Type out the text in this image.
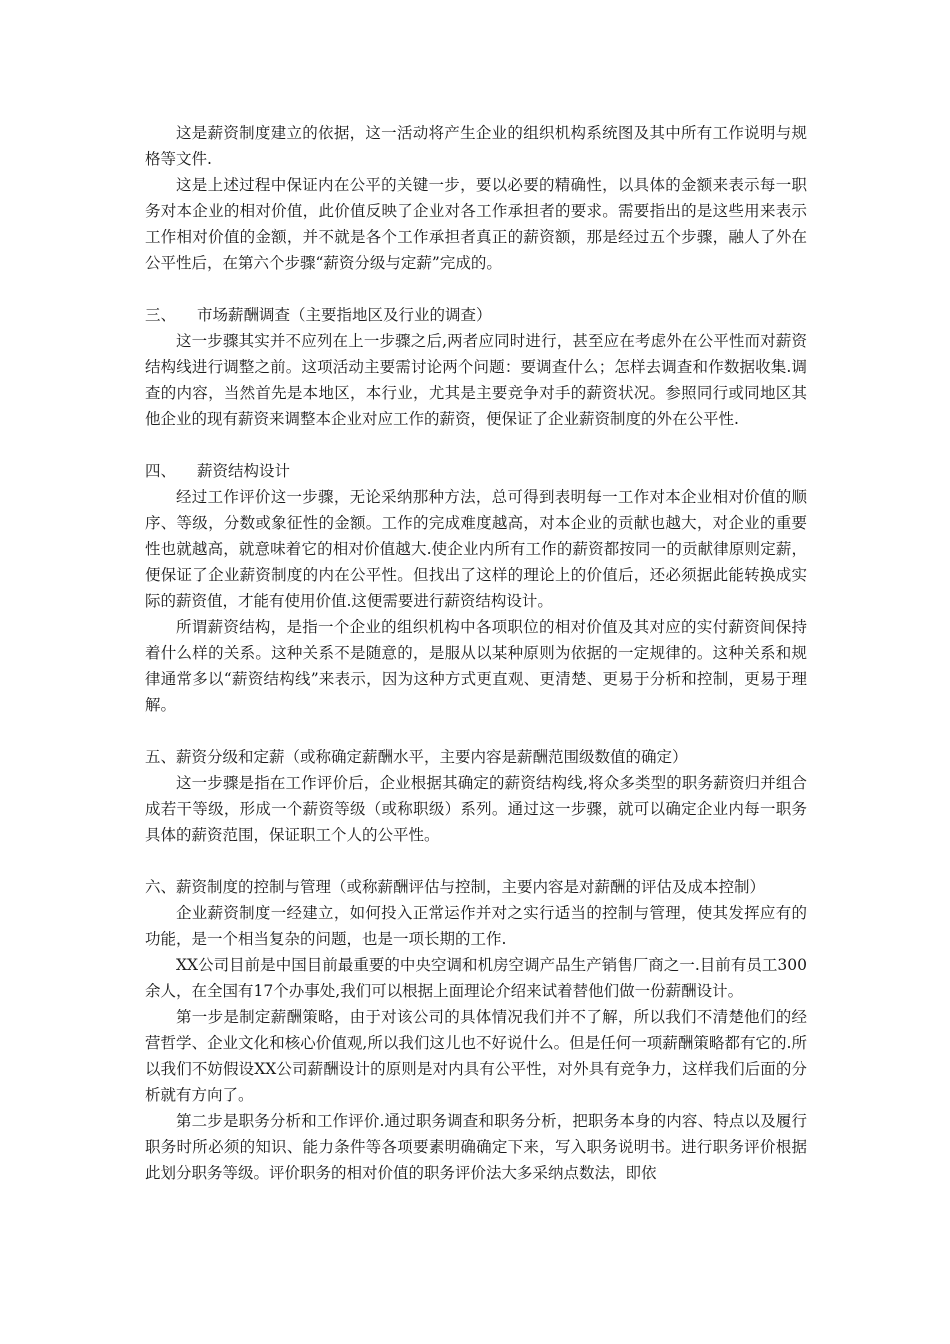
这是薪资制度建立的依据，这一活动将产生企业的组织机构系统图及其中所有工作说明与规格等文件.

这是上述过程中保证内在公平的关键一步，要以必要的精确性，以具体的金额来表示每一职务对本企业的相对价值，此价值反映了企业对各工作承担者的要求。需要指出的是这些用来表示工作相对价值的金额，并不就是各个工作承担者真正的薪资额，那是经过五个步骤，融人了外在公平性后，在第六个步骤“薪资分级与定薪”完成的。

三、 市场薪酬调查（主要指地区及行业的调查）

这一步骤其实并不应列在上一步骤之后,两者应同时进行，甚至应在考虑外在公平性而对薪资结构线进行调整之前。这项活动主要需讨论两个问题：要调查什么；怎样去调查和作数据收集.调查的内容，当然首先是本地区，本行业，尤其是主要竞争对手的薪资状况。参照同行或同地区其他企业的现有薪资来调整本企业对应工作的薪资，便保证了企业薪资制度的外在公平性.

四、 薪资结构设计

经过工作评价这一步骤，无论采纳那种方法，总可得到表明每一工作对本企业相对价值的顺序、等级，分数或象征性的金额。工作的完成难度越高，对本企业的贡献也越大，对企业的重要性也就越高，就意味着它的相对价值越大.使企业内所有工作的薪资都按同一的贡献律原则定薪，便保证了企业薪资制度的内在公平性。但找出了这样的理论上的价值后，还必须据此能转换成实际的薪资值，才能有使用价值.这便需要进行薪资结构设计。

所谓薪资结构，是指一个企业的组织机构中各项职位的相对价值及其对应的实付薪资间保持着什么样的关系。这种关系不是随意的，是服从以某种原则为依据的一定规律的。这种关系和规律通常多以“薪资结构线”来表示，因为这种方式更直观、更清楚、更易于分析和控制，更易于理解。

五、薪资分级和定薪（或称确定薪酬水平，主要内容是薪酬范围级数值的确定）

这一步骤是指在工作评价后，企业根据其确定的薪资结构线,将众多类型的职务薪资归并组合成若干等级，形成一个薪资等级（或称职级）系列。通过这一步骤，就可以确定企业内每一职务具体的薪资范围，保证职工个人的公平性。

六、薪资制度的控制与管理（或称薪酬评估与控制，主要内容是对薪酬的评估及成本控制）

企业薪资制度一经建立，如何投入正常运作并对之实行适当的控制与管理，使其发挥应有的功能，是一个相当复杂的问题，也是一项长期的工作.

XX公司目前是中国目前最重要的中央空调和机房空调产品生产销售厂商之一.目前有员工300余人，在全国有17个办事处,我们可以根据上面理论介绍来试着替他们做一份薪酬设计。

第一步是制定薪酬策略，由于对该公司的具体情况我们并不了解，所以我们不清楚他们的经营哲学、企业文化和核心价值观,所以我们这儿也不好说什么。但是任何一项薪酬策略都有它的.所以我们不妨假设XX公司薪酬设计的原则是对内具有公平性，对外具有竞争力，这样我们后面的分析就有方向了。

第二步是职务分析和工作评价.通过职务调查和职务分析，把职务本身的内容、特点以及履行职务时所必须的知识、能力条件等各项要素明确确定下来，写入职务说明书。进行职务评价根据此划分职务等级。评价职务的相对价值的职务评价法大多采纳点数法，即依
